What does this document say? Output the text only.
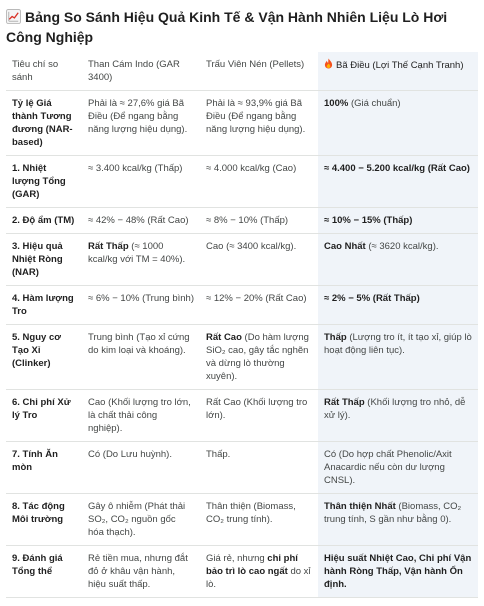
Bảng So Sánh Hiệu Quả Kinh Tế & Vận Hành Nhiên Liệu Lò Hơi Công Nghiệp
Tiêu chí so sánh	Than Cám Indo (GAR 3400)	Trấu Viên Nén (Pellets)	Bã Điều (Lợi Thế Cạnh Tranh)
Tỷ lệ Giá thành Tương đương (NAR-based)	Phải là ≈ 27,6% giá Bã Điều (Để ngang bằng năng lượng hiệu dụng).	Phải là ≈ 93,9% giá Bã Điều (Để ngang bằng năng lượng hiệu dụng).	100% (Giá chuẩn)
1. Nhiệt lượng Tổng (GAR)	≈ 3.400 kcal/kg (Thấp)	≈ 4.000 kcal/kg (Cao)	≈ 4.400 − 5.200 kcal/kg (Rất Cao)
2. Độ ẩm (TM)	≈ 42% − 48% (Rất Cao)	≈ 8% − 10% (Thấp)	≈ 10% − 15% (Thấp)
3. Hiệu quả Nhiệt Ròng (NAR)	Rất Thấp (≈ 1000 kcal/kg với TM = 40%).	Cao (≈ 3400 kcal/kg).	Cao Nhất (≈ 3620 kcal/kg).
4. Hàm lượng Tro	≈ 6% − 10% (Trung bình)	≈ 12% − 20% (Rất Cao)	≈ 2% − 5% (Rất Thấp)
5. Nguy cơ Tạo Xỉ (Clinker)	Trung bình (Tạo xỉ cứng do kim loại và khoáng).	Rất Cao (Do hàm lượng SiO₂ cao, gây tắc nghẽn và dừng lò thường xuyên).	Thấp (Lượng tro ít, ít tạo xỉ, giúp lò hoạt động liên tục).
6. Chi phí Xử lý Tro	Cao (Khối lượng tro lớn, là chất thải công nghiệp).	Rất Cao (Khối lượng tro lớn).	Rất Thấp (Khối lượng tro nhỏ, dễ xử lý).
7. Tính Ăn mòn	Có (Do Lưu huỳnh).	Thấp.	Có (Do hợp chất Phenolic/Axit Anacardic nếu còn dư lượng CNSL).
8. Tác động Môi trường	Gây ô nhiễm (Phát thải SO₂, CO₂ nguồn gốc hóa thạch).	Thân thiện (Biomass, CO₂ trung tính).	Thân thiện Nhất (Biomass, CO₂ trung tính, S gần như bằng 0).
9. Đánh giá Tổng thể	Rẻ tiền mua, nhưng đắt đỏ ở khâu vận hành, hiệu suất thấp.	Giá rẻ, nhưng chi phí bảo trì lò cao ngất do xỉ lò.	Hiệu suất Nhiệt Cao, Chi phí Vận hành Ròng Thấp, Vận hành Ổn định.
